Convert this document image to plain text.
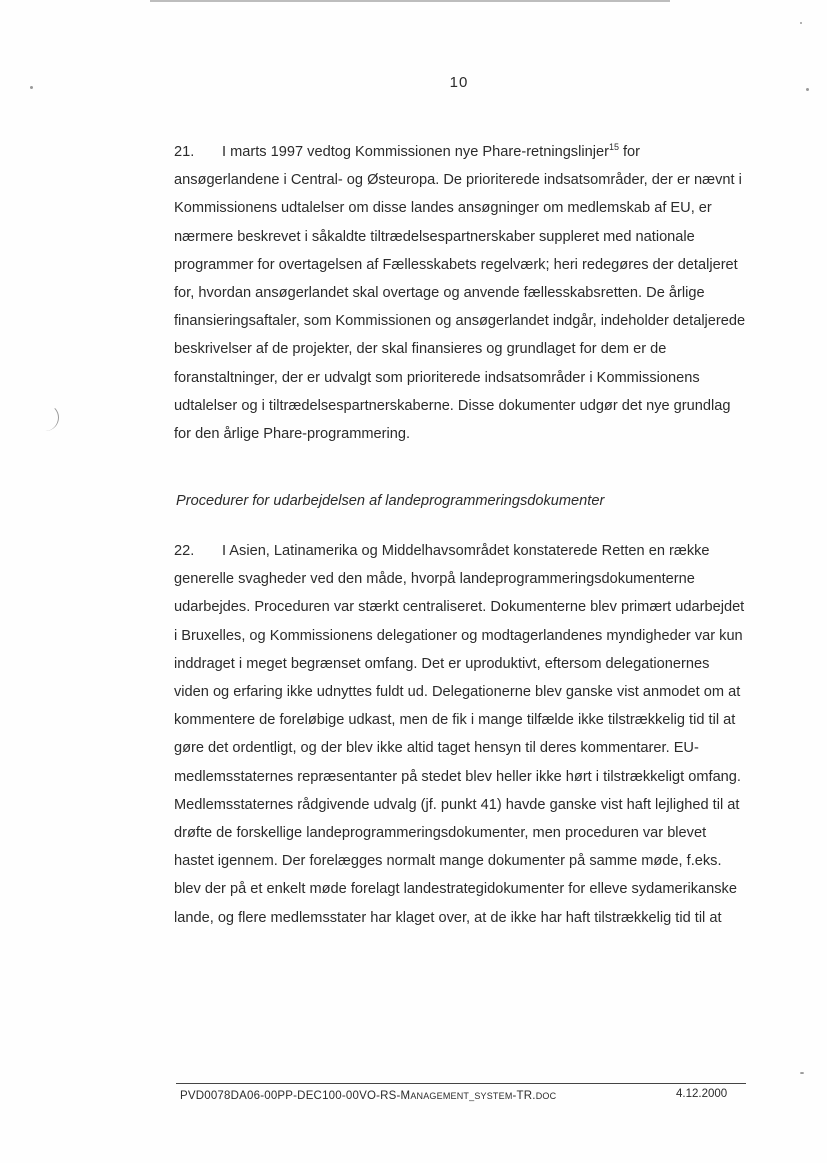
10

21. I marts 1997 vedtog Kommissionen nye Phare-retningslinjer$^{15}$ for ansøgerlandene i Central- og Østeuropa. De prioriterede indsatsområder, der er nævnt i Kommissionens udtalelser om disse landes ansøgninger om medlemskab af EU, er nærmere beskrevet i såkaldte tiltrædelsespartnerskaber suppleret med nationale programmer for overtagelsen af Fællesskabets regelværk; heri redegøres der detaljeret for, hvordan ansøgerlandet skal overtage og anvende fællesskabsretten. De årlige finansieringsaftaler, som Kommissionen og ansøgerlandet indgår, indeholder detaljerede beskrivelser af de projekter, der skal finansieres og grundlaget for dem er de foranstaltninger, der er udvalgt som prioriterede indsatsområder i Kommissionens udtalelser og i tiltrædelsespartnerskaberne. Disse dokumenter udgør det nye grundlag for den årlige Phare-programmering.

Procedurer for udarbejdelsen af landeprogrammeringsdokumenter

22. I Asien, Latinamerika og Middelhavsområdet konstaterede Retten en række generelle svagheder ved den måde, hvorpå landeprogrammeringsdokumenterne udarbejdes. Proceduren var stærkt centraliseret. Dokumenterne blev primært udarbejdet i Bruxelles, og Kommissionens delegationer og modtagerlandenes myndigheder var kun inddraget i meget begrænset omfang. Det er uproduktivt, eftersom delegationernes viden og erfaring ikke udnyttes fuldt ud. Delegationerne blev ganske vist anmodet om at kommentere de foreløbige udkast, men de fik i mange tilfælde ikke tilstrækkelig tid til at gøre det ordentligt, og der blev ikke altid taget hensyn til deres kommentarer. EU-medlemsstaternes repræsentanter på stedet blev heller ikke hørt i tilstrækkeligt omfang. Medlemsstaternes rådgivende udvalg (jf. punkt 41) havde ganske vist haft lejlighed til at drøfte de forskellige landeprogrammeringsdokumenter, men proceduren var blevet hastet igennem. Der forelægges normalt mange dokumenter på samme møde, f.eks. blev der på et enkelt møde forelagt landestrategidokumenter for elleve sydamerikanske lande, og flere medlemsstater har klaget over, at de ikke har haft tilstrækkelig tid til at

PVD0078DA06-00PP-DEC100-00VO-RS-MANAGEMENT_SYSTEM-TR.DOC	4.12.2000
